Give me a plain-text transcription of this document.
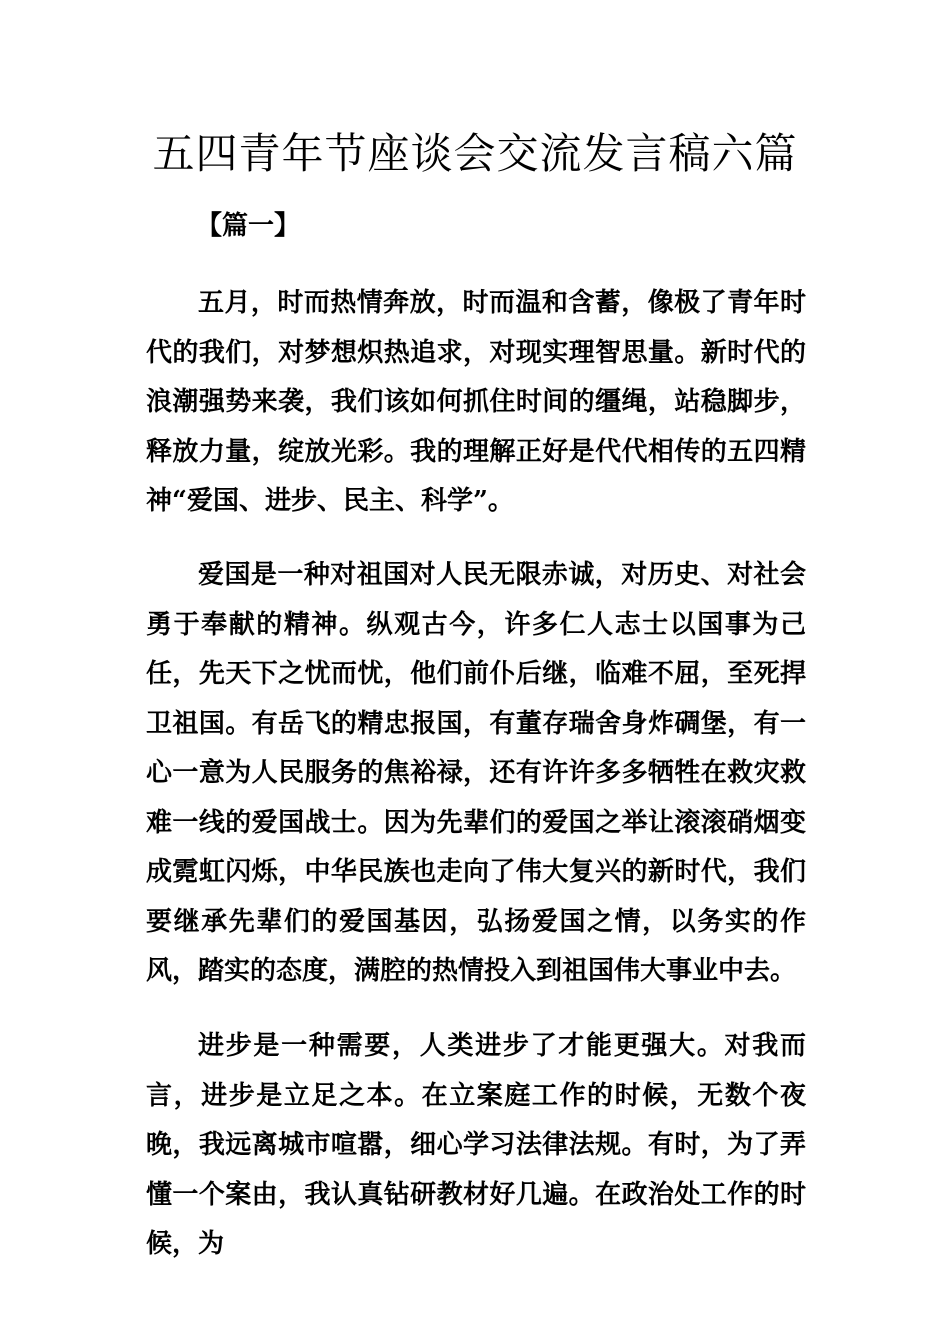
五四青年节座谈会交流发言稿六篇
【篇一】

五月，时而热情奔放，时而温和含蓄，像极了青年时代的我们，对梦想炽热追求，对现实理智思量。新时代的浪潮强势来袭，我们该如何抓住时间的缰绳，站稳脚步，释放力量，绽放光彩。我的理解正好是代代相传的五四精神“爱国、进步、民主、科学”。

爱国是一种对祖国对人民无限赤诚，对历史、对社会勇于奉献的精神。纵观古今，许多仁人志士以国事为己任，先天下之忧而忧，他们前仆后继，临难不屈，至死捍卫祖国。有岳飞的精忠报国，有董存瑞舍身炸碉堡，有一心一意为人民服务的焦裕禄，还有许许多多牺牲在救灾救难一线的爱国战士。因为先辈们的爱国之举让滚滚硝烟变成霓虹闪烁，中华民族也走向了伟大复兴的新时代，我们要继承先辈们的爱国基因，弘扬爱国之情，以务实的作风，踏实的态度，满腔的热情投入到祖国伟大事业中去。

进步是一种需要，人类进步了才能更强大。对我而言，进步是立足之本。在立案庭工作的时候，无数个夜晚，我远离城市喧嚣，细心学习法律法规。有时，为了弄懂一个案由，我认真钻研教材好几遍。在政治处工作的时候，为
